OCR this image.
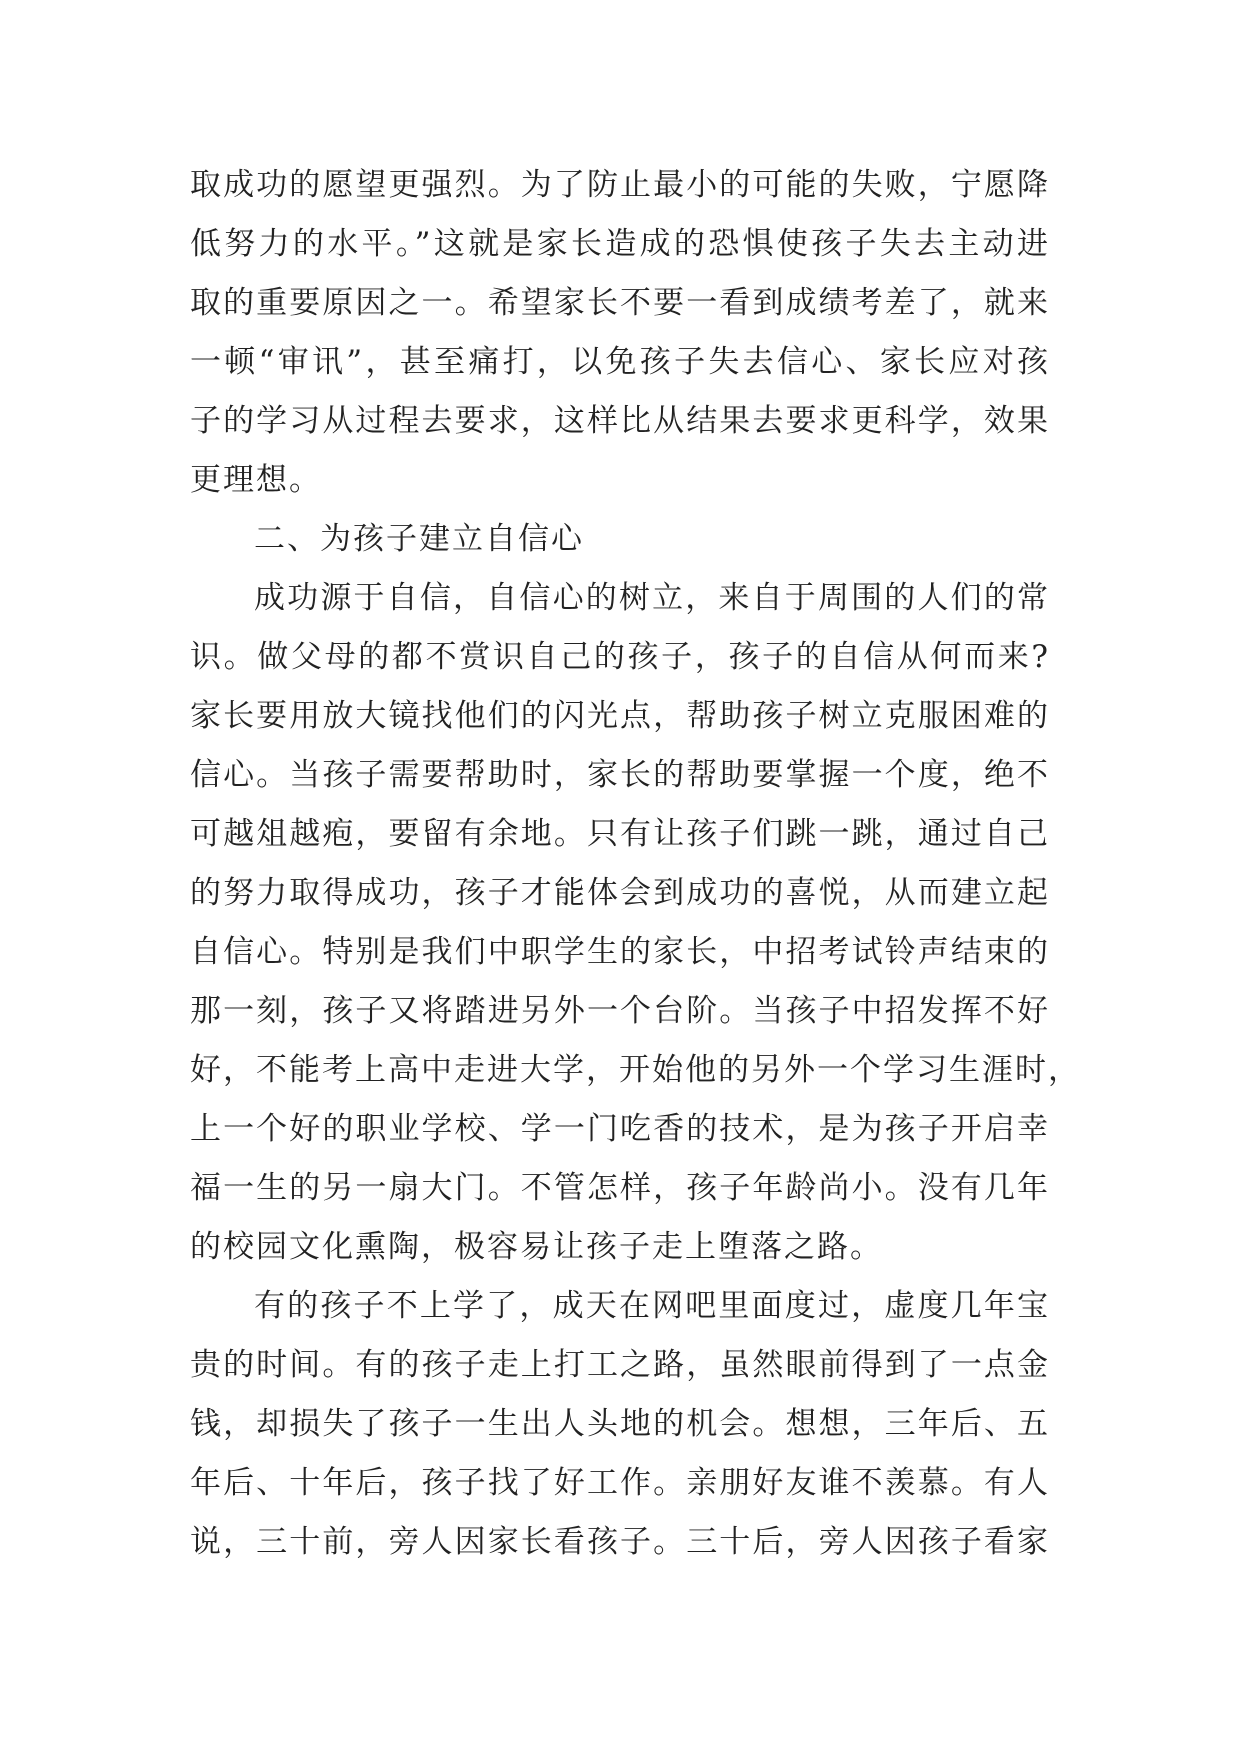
取成功的愿望更强烈。为了防止最小的可能的失败，宁愿降
低努力的水平。”这就是家长造成的恐惧使孩子失去主动进
取的重要原因之一。希望家长不要一看到成绩考差了，就来
一顿“审讯”，甚至痛打，以免孩子失去信心、家长应对孩
子的学习从过程去要求，这样比从结果去要求更科学，效果
更理想。
二、为孩子建立自信心
成功源于自信，自信心的树立，来自于周围的人们的常
识。做父母的都不赏识自己的孩子，孩子的自信从何而来?
家长要用放大镜找他们的闪光点，帮助孩子树立克服困难的
信心。当孩子需要帮助时，家长的帮助要掌握一个度，绝不
可越俎越疱，要留有余地。只有让孩子们跳一跳，通过自己
的努力取得成功，孩子才能体会到成功的喜悦，从而建立起
自信心。特别是我们中职学生的家长，中招考试铃声结束的
那一刻，孩子又将踏进另外一个台阶。当孩子中招发挥不好
好，不能考上高中走进大学，开始他的另外一个学习生涯时，
上一个好的职业学校、学一门吃香的技术，是为孩子开启幸
福一生的另一扇大门。不管怎样，孩子年龄尚小。没有几年
的校园文化熏陶，极容易让孩子走上堕落之路。
有的孩子不上学了，成天在网吧里面度过，虚度几年宝
贵的时间。有的孩子走上打工之路，虽然眼前得到了一点金
钱，却损失了孩子一生出人头地的机会。想想，三年后、五
年后、十年后，孩子找了好工作。亲朋好友谁不羡慕。有人
说，三十前，旁人因家长看孩子。三十后，旁人因孩子看家
